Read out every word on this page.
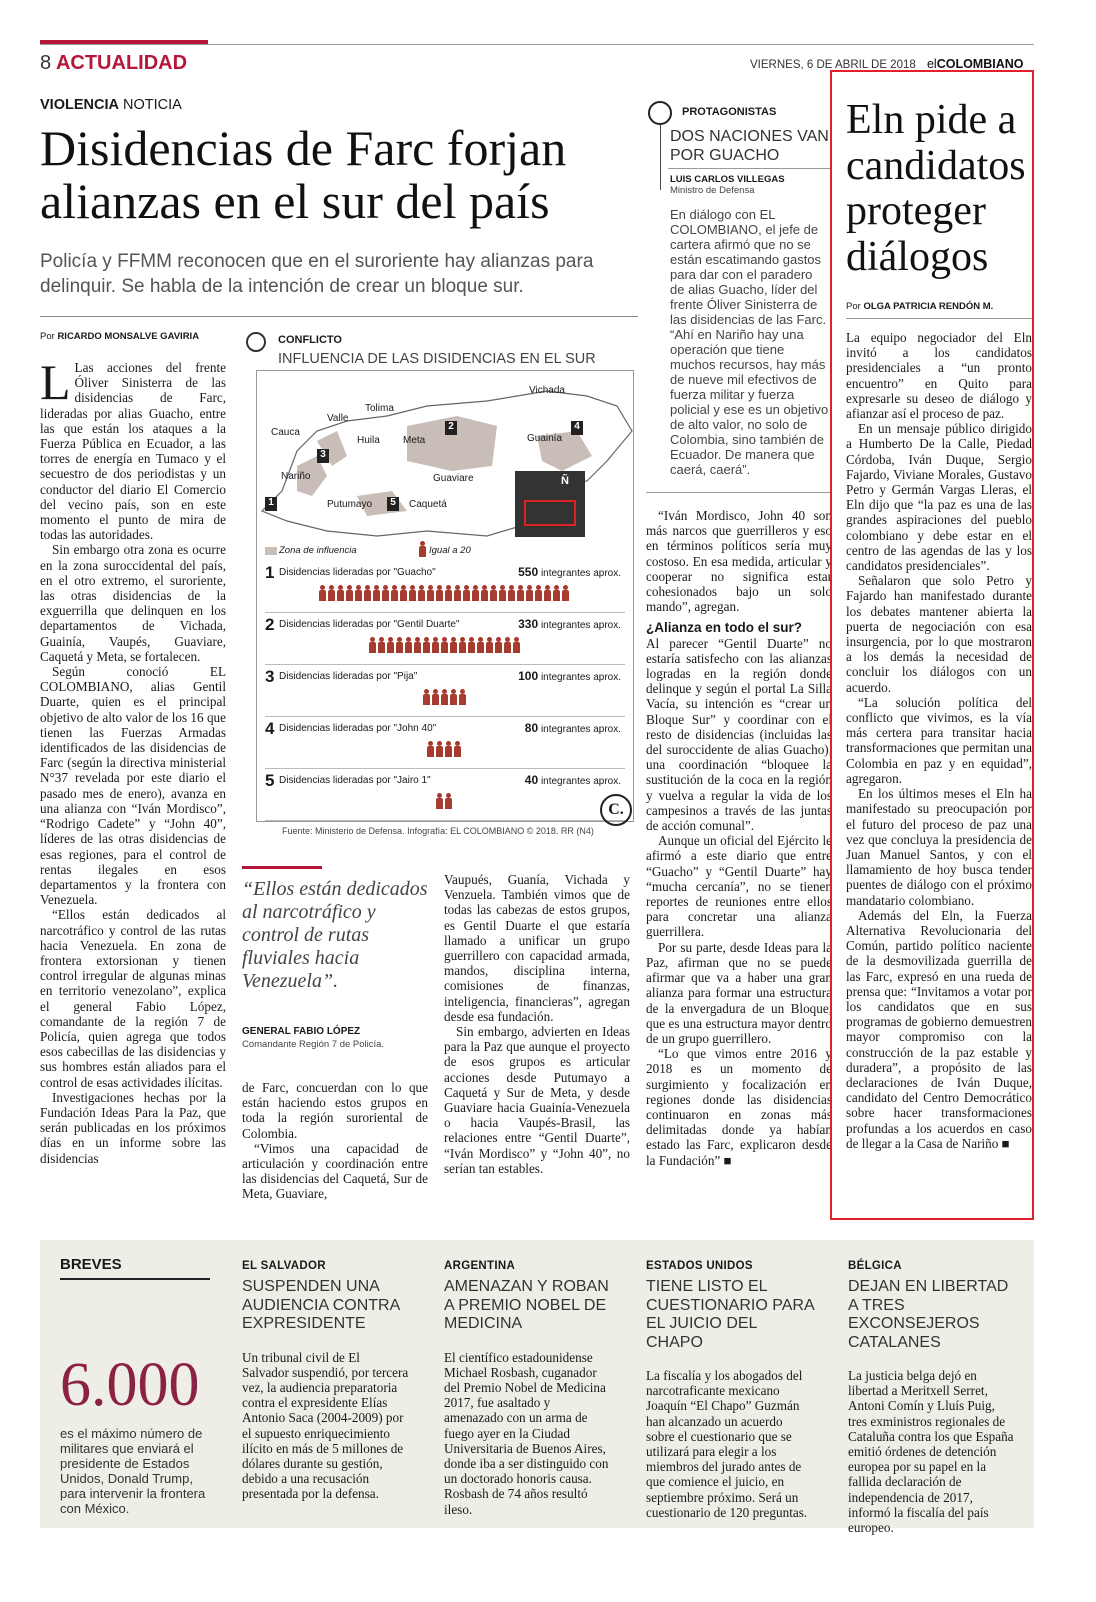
8 ACTUALIDAD	VIERNES, 6 DE ABRIL DE 2018 elCOLOMBIANO
VIOLENCIA NOTICIA
Disidencias de Farc forjan alianzas en el sur del país
Policía y FFMM reconocen que en el suroriente hay alianzas para delinquir. Se habla de la intención de crear un bloque sur.
Por RICARDO MONSALVE GAVIRIA

L Las acciones del frente Óliver Sinisterra de las disidencias de Farc, lideradas por alias Guacho, entre las que están los ataques a la Fuerza Pública en Ecuador, a las torres de energía en Tumaco y el secuestro de dos periodistas y un conductor del diario El Comercio del vecino país, son en este momento el punto de mira de todas las autoridades.

Sin embargo otra zona es ocurre en la zona suroccidental del país, en el otro extremo, el suroriente, las otras disidencias de la exguerrilla que delinquen en los departamentos de Vichada, Guainía, Vaupés, Guaviare, Caquetá y Meta, se fortalecen.

Según conoció EL COLOMBIANO, alias Gentil Duarte, quien es el principal objetivo de alto valor de los 16 que tienen las Fuerzas Armadas identificados de las disidencias de Farc (según la directiva ministerial N°37 revelada por este diario el pasado mes de enero), avanza en una alianza con “Iván Mordisco”, “Rodrigo Cadete” y “John 40”, líderes de las otras disidencias de esas regiones, para el control de rentas ilegales en esos departamentos y la frontera con Venezuela.

“Ellos están dedicados al narcotráfico y control de las rutas hacia Venezuela. En zona de frontera extorsionan y tienen control irregular de algunas minas en territorio venezolano”, explica el general Fabio López, comandante de la región 7 de Policía, quien agrega que todos esos cabecillas de las disidencias y sus hombres están aliados para el control de esas actividades ilícitas.

Investigaciones hechas por la Fundación Ideas Para la Paz, que serán publicadas en los próximos días en un informe sobre las disidencias

CONFLICTO
INFLUENCIA DE LAS DISIDENCIAS EN EL SUR
Vichada
Valle
Tolima
Cauca
Huila Meta	Guainía
Nariño	Guaviare
Putumayo	Caquetá
1
2
3
4
5
Ñ
Zona de influencia	Igual a 20
1 Disidencias lideradas por "Guacho"	550 integrantes aprox.
2 Disidencias lideradas por "Gentil Duarte"	330 integrantes aprox.
3 Disidencias lideradas por "Pija"	100 integrantes aprox.
4 Disidencias lideradas por "John 40"	80 integrantes aprox.
5 Disidencias lideradas por "Jairo 1"	40 integrantes aprox.
C.
Fuente: Ministerio de Defensa. Infografía: EL COLOMBIANO © 2018. RR (N4)
“Ellos están dedicados al narcotráfico y control de rutas fluviales hacia Venezuela”.
GENERAL FABIO LÓPEZ
Comandante Región 7 de Policía.

de Farc, concuerdan con lo que están haciendo estos grupos en toda la región suroriental de Colombia.

“Vimos una capacidad de articulación y coordinación entre las disidencias del Caquetá, Sur de Meta, Guaviare,

Vaupués, Guanía, Vichada y Venzuela. También vimos que de todas las cabezas de estos grupos, es Gentil Duarte el que estaría llamado a unificar un grupo guerrillero con capacidad armada, mandos, disciplina interna, comisiones de finanzas, inteligencia, financieras”, agregan desde esa fundación.

Sin embargo, advierten en Ideas para la Paz que aunque el proyecto de esos grupos es articular acciones desde Putumayo a Caquetá y Sur de Meta, y desde Guaviare hacia Guainía-Venezuela o hacia Vaupés-Brasil, las relaciones entre “Gentil Duarte”, “Iván Mordisco” y “John 40”, no serían tan estables.

PROTAGONISTAS
DOS NACIONES VAN POR GUACHO
LUIS CARLOS VILLEGAS
Ministro de Defensa
En diálogo con EL COLOMBIANO, el jefe de cartera afirmó que no se están escatimando gastos para dar con el paradero de alias Guacho, líder del frente Óliver Sinisterra de las disidencias de las Farc. “Ahí en Nariño hay una operación que tiene muchos recursos, hay más de nueve mil efectivos de fuerza militar y fuerza policial y ese es un objetivo de alto valor, no solo de Colombia, sino también de Ecuador. De manera que caerá, caerá”.

“Iván Mordisco, John 40 son más narcos que guerrilleros y eso en términos políticos sería muy costoso. En esa medida, articular y cooperar no significa estar cohesionados bajo un solo mando”, agregan.

¿Alianza en todo el sur?

Al parecer “Gentil Duarte” no estaría satisfecho con las alianzas logradas en la región donde delinque y según el portal La Silla Vacía, su intención es “crear un Bloque Sur” y coordinar con el resto de disidencias (incluidas las del suroccidente de alias Guacho), una coordinación “bloquee la sustitución de la coca en la región y vuelva a regular la vida de los campesinos a través de las juntas de acción comunal”.

Aunque un oficial del Ejército le afirmó a este diario que entre “Guacho” y “Gentil Duarte” hay “mucha cercanía”, no se tienen reportes de reuniones entre ellos para concretar una alianza guerrillera.

Por su parte, desde Ideas para la Paz, afirman que no se puede afirmar que va a haber una gran alianza para formar una estructura de la envergadura de un Bloque, que es una estructura mayor dentro de un grupo guerrillero.

“Lo que vimos entre 2016 y 2018 es un momento de surgimiento y focalización en regiones donde las disidencias continuaron en zonas más delimitadas donde ya habían estado las Farc, explicaron desde la Fundación” ■

Eln pide a candidatos proteger diálogos
Por OLGA PATRICIA RENDÓN M.

La equipo negociador del Eln invitó a los candidatos presidenciales a “un pronto encuentro” en Quito para expresarle su deseo de diálogo y afianzar así el proceso de paz.

En un mensaje público dirigido a Humberto De la Calle, Piedad Córdoba, Iván Duque, Sergio Fajardo, Viviane Morales, Gustavo Petro y Germán Vargas Lleras, el Eln dijo que “la paz es una de las grandes aspiraciones del pueblo colombiano y debe estar en el centro de las agendas de las y los candidatos presidenciales”.

Señalaron que solo Petro y Fajardo han manifestado durante los debates mantener abierta la puerta de negociación con esa insurgencia, por lo que mostraron a los demás la necesidad de concluir los diálogos con un acuerdo.

“La solución política del conflicto que vivimos, es la vía más certera para transitar hacia transformaciones que permitan una Colombia en paz y en equidad”, agregaron.

En los últimos meses el Eln ha manifestado su preocupación por el futuro del proceso de paz una vez que concluya la presidencia de Juan Manuel Santos, y con el llamamiento de hoy busca tender puentes de diálogo con el próximo mandatario colombiano.

Además del Eln, la Fuerza Alternativa Revolucionaria del Común, partido político naciente de la desmovilizada guerrilla de las Farc, expresó en una rueda de prensa que: “Invitamos a votar por los candidatos que en sus programas de gobierno demuestren mayor compromiso con la construcción de la paz estable y duradera”, a propósito de las declaraciones de Iván Duque, candidato del Centro Democrático sobre hacer transformaciones profundas a los acuerdos en caso de llegar a la Casa de Nariño ■

BREVES
6.000
es el máximo número de militares que enviará el presidente de Estados Unidos, Donald Trump, para intervenir la frontera con México.
EL SALVADOR
SUSPENDEN UNA AUDIENCIA CONTRA EXPRESIDENTE
Un tribunal civil de El Salvador suspendió, por tercera vez, la audiencia preparatoria contra el expresidente Elías Antonio Saca (2004-2009) por el supuesto enriquecimiento ilícito en más de 5 millones de dólares durante su gestión, debido a una recusación presentada por la defensa.
ARGENTINA
AMENAZAN Y ROBAN A PREMIO NOBEL DE MEDICINA
El científico estadounidense Michael Rosbash, cuganador del Premio Nobel de Medicina 2017, fue asaltado y amenazado con un arma de fuego ayer en la Ciudad Universitaria de Buenos Aires, donde iba a ser distinguido con un doctorado honoris causa. Rosbash de 74 años resultó ileso.
ESTADOS UNIDOS
TIENE LISTO EL CUESTIONARIO PARA EL JUICIO DEL CHAPO
La fiscalía y los abogados del narcotraficante mexicano Joaquín “El Chapo” Guzmán han alcanzado un acuerdo sobre el cuestionario que se utilizará para elegir a los miembros del jurado antes de que comience el juicio, en septiembre próximo. Será un cuestionario de 120 preguntas.
BÉLGICA
DEJAN EN LIBERTAD A TRES EXCONSEJEROS CATALANES
La justicia belga dejó en libertad a Meritxell Serret, Antoni Comín y Lluís Puig, tres exministros regionales de Cataluña contra los que España emitió órdenes de detención europea por su papel en la fallida declaración de independencia de 2017, informó la fiscalía del país europeo.
